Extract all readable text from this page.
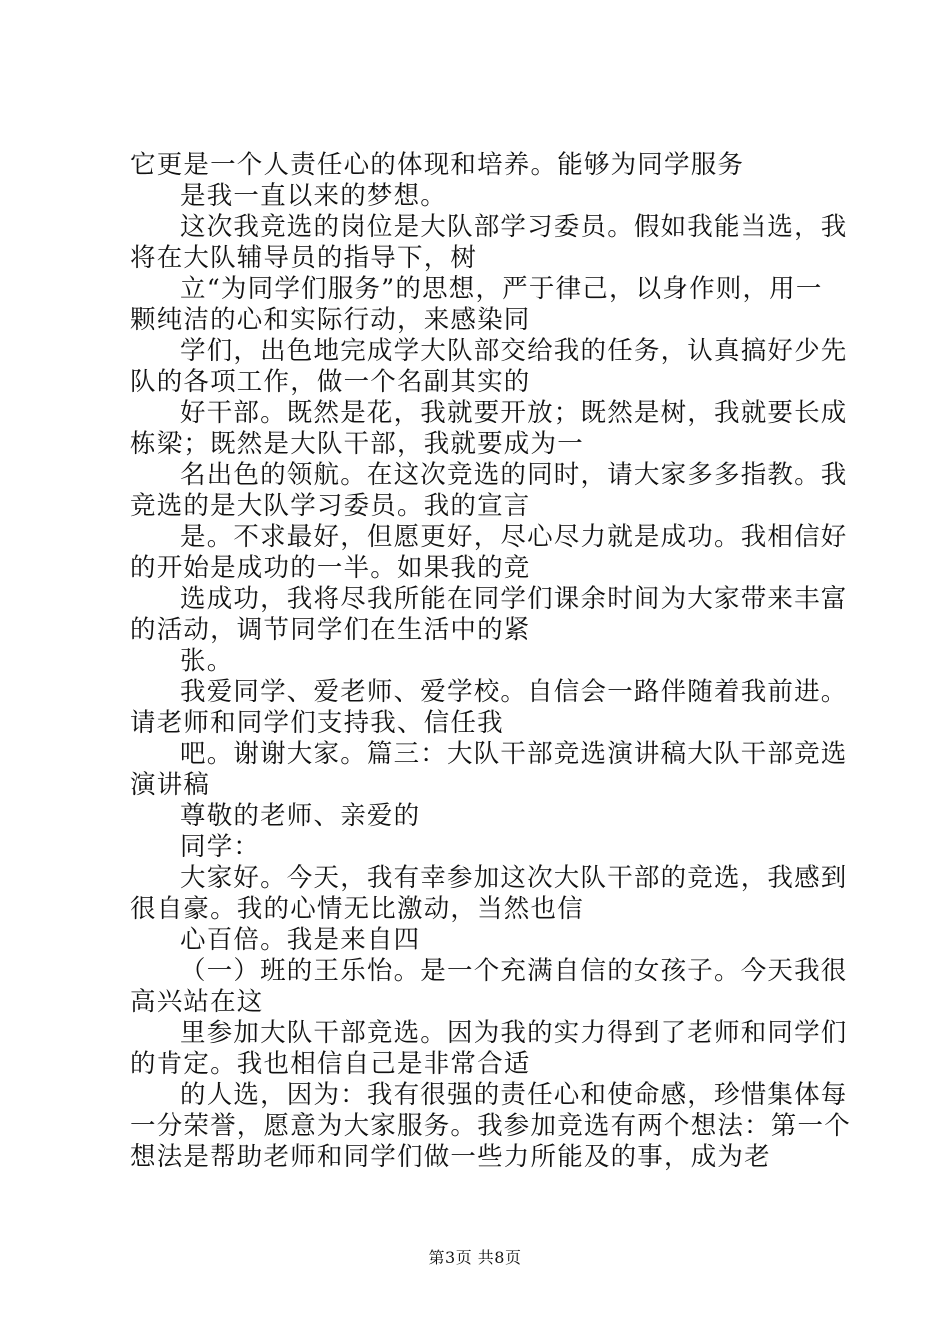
它更是一个人责任心的体现和培养。能够为同学服务

是我一直以来的梦想。

这次我竞选的岗位是大队部学习委员。假如我能当选，我
将在大队辅导员的指导下，树

立“为同学们服务”的思想，严于律己，以身作则，用一
颗纯洁的心和实际行动，来感染同

学们，出色地完成学大队部交给我的任务，认真搞好少先
队的各项工作，做一个名副其实的

好干部。既然是花，我就要开放；既然是树，我就要长成
栋梁；既然是大队干部，我就要成为一

名出色的领航。在这次竞选的同时，请大家多多指教。我
竞选的是大队学习委员。我的宣言

是。不求最好，但愿更好，尽心尽力就是成功。我相信好
的开始是成功的一半。如果我的竞

选成功，我将尽我所能在同学们课余时间为大家带来丰富
的活动，调节同学们在生活中的紧

张。

我爱同学、爱老师、爱学校。自信会一路伴随着我前进。
请老师和同学们支持我、信任我

吧。谢谢大家。篇三：大队干部竞选演讲稿大队干部竞选
演讲稿

尊敬的老师、亲爱的

同学：

大家好。今天，我有幸参加这次大队干部的竞选，我感到
很自豪。我的心情无比激动，当然也信

心百倍。我是来自四

（一）班的王乐怡。是一个充满自信的女孩子。今天我很
高兴站在这

里参加大队干部竞选。因为我的实力得到了老师和同学们
的肯定。我也相信自己是非常合适

的人选，因为：我有很强的责任心和使命感，珍惜集体每
一分荣誉，愿意为大家服务。我参加竞选有两个想法：第一个
想法是帮助老师和同学们做一些力所能及的事，成为老

第3页 共8页
